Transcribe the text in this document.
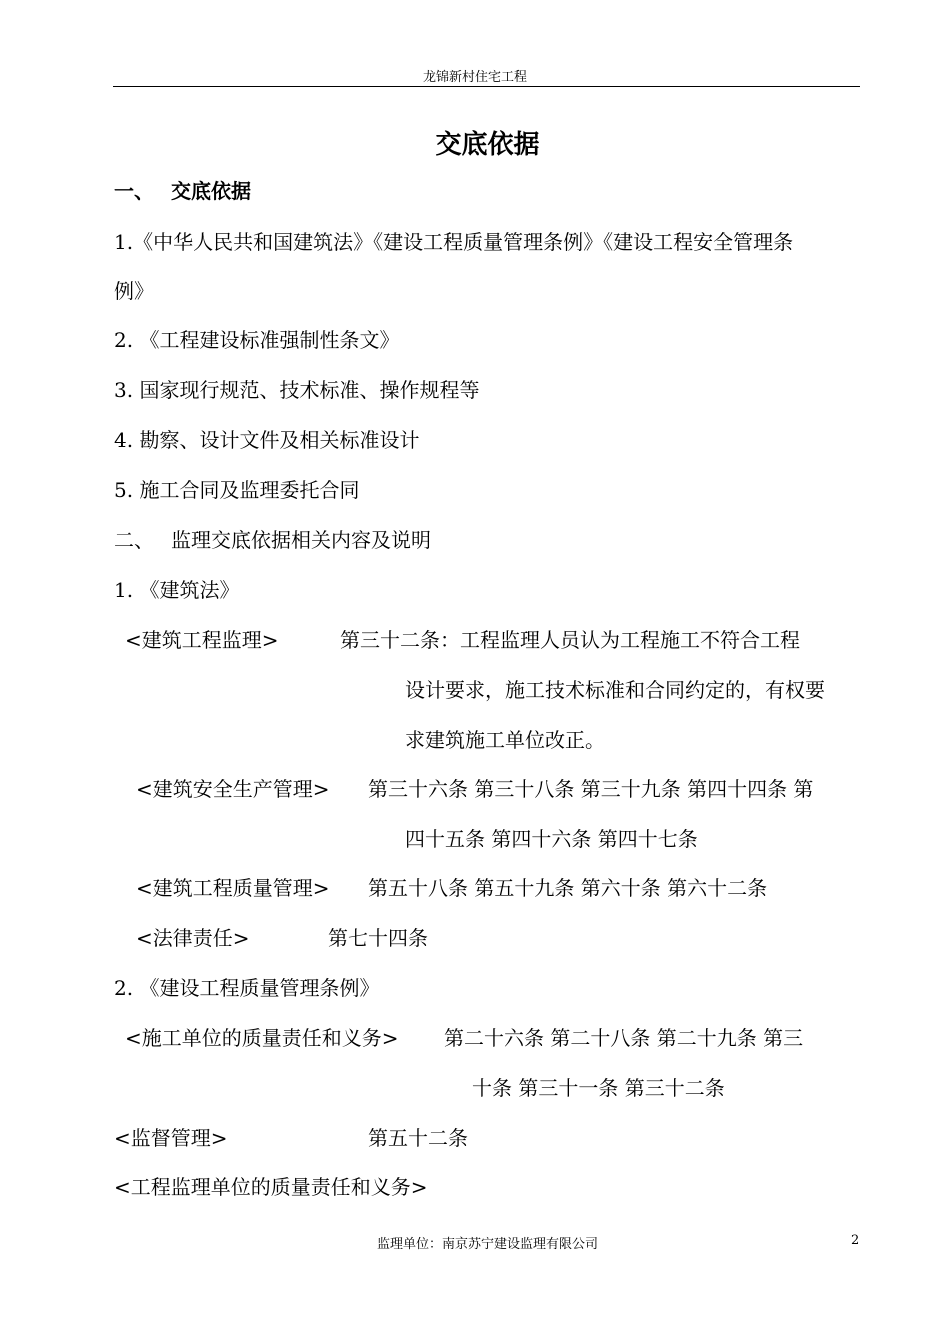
龙锦新村住宅工程
交底依据
一、 交底依据
1.《中华人民共和国建筑法》《建设工程质量管理条例》《建设工程安全管理条
例》
2. 《工程建设标准强制性条文》
3. 国家现行规范、技术标准、操作规程等
4. 勘察、设计文件及相关标准设计
5. 施工合同及监理委托合同
二、 监理交底依据相关内容及说明
1. 《建筑法》
<建筑工程监理>	第三十二条：工程监理人员认为工程施工不符合工程
设计要求，施工技术标准和合同约定的，有权要
求建筑施工单位改正。
<建筑安全生产管理> 第三十六条 第三十八条 第三十九条 第四十四条 第
四十五条 第四十六条 第四十七条
<建筑工程质量管理> 第五十八条 第五十九条 第六十条 第六十二条
<法律责任>	第七十四条
2. 《建设工程质量管理条例》
<施工单位的质量责任和义务> 第二十六条 第二十八条 第二十九条 第三
十条 第三十一条 第三十二条
<监督管理>	第五十二条
<工程监理单位的质量责任和义务>
监理单位：南京苏宁建设监理有限公司	2
